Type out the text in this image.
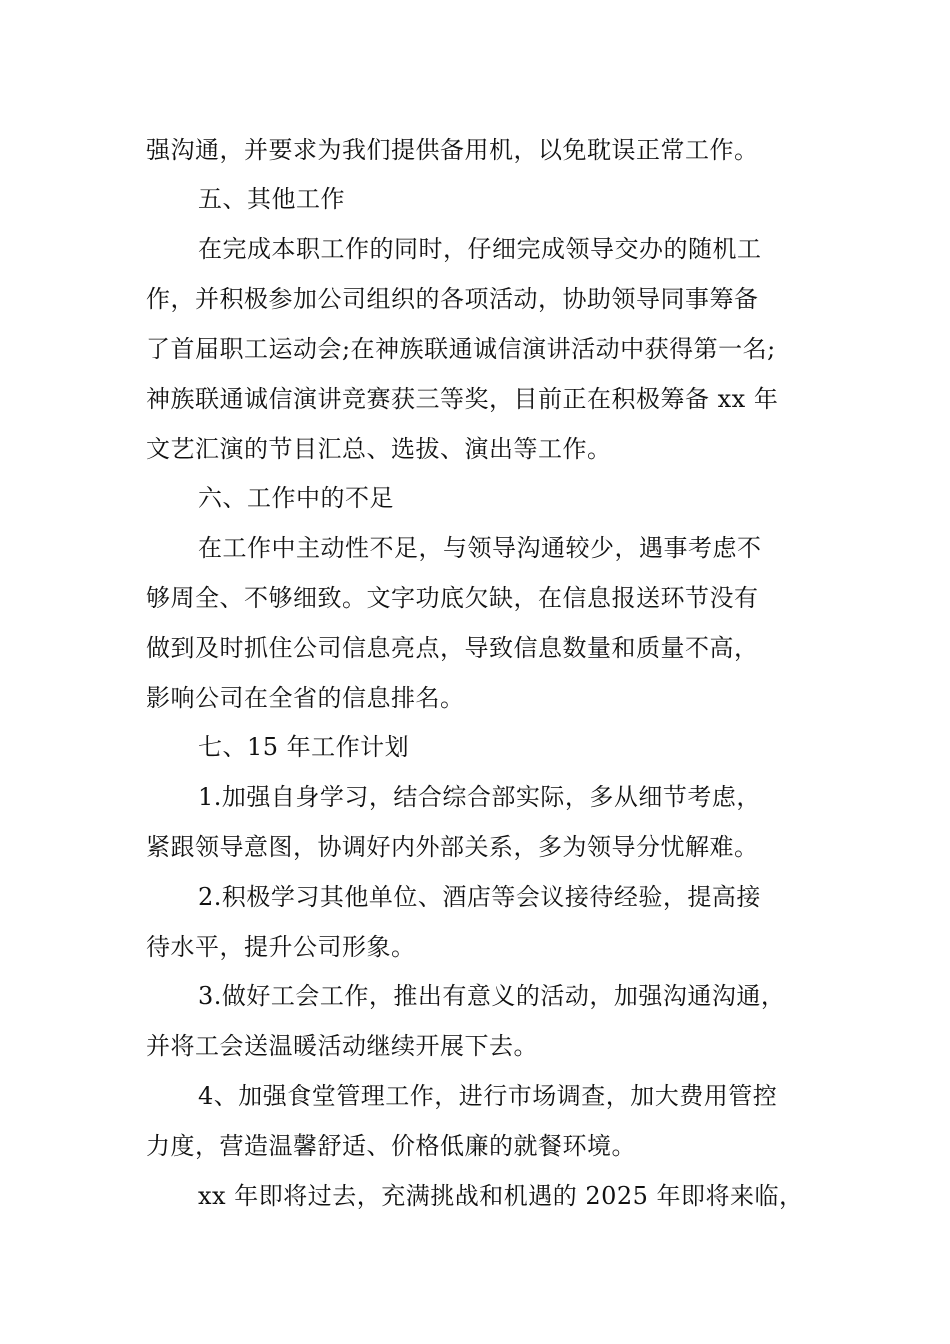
强沟通，并要求为我们提供备用机，以免耽误正常工作。
五、其他工作
在完成本职工作的同时，仔细完成领导交办的随机工
作，并积极参加公司组织的各项活动，协助领导同事筹备
了首届职工运动会;在神族联通诚信演讲活动中获得第一名;
神族联通诚信演讲竞赛获三等奖，目前正在积极筹备 xx 年
文艺汇演的节目汇总、选拔、演出等工作。
六、工作中的不足
在工作中主动性不足，与领导沟通较少，遇事考虑不
够周全、不够细致。文字功底欠缺，在信息报送环节没有
做到及时抓住公司信息亮点，导致信息数量和质量不高，
影响公司在全省的信息排名。
七、15 年工作计划
1.加强自身学习，结合综合部实际，多从细节考虑，
紧跟领导意图，协调好内外部关系，多为领导分忧解难。
2.积极学习其他单位、酒店等会议接待经验，提高接
待水平，提升公司形象。
3.做好工会工作，推出有意义的活动，加强沟通沟通，
并将工会送温暖活动继续开展下去。
4、加强食堂管理工作，进行市场调查，加大费用管控
力度，营造温馨舒适、价格低廉的就餐环境。
xx 年即将过去，充满挑战和机遇的 2025 年即将来临，
